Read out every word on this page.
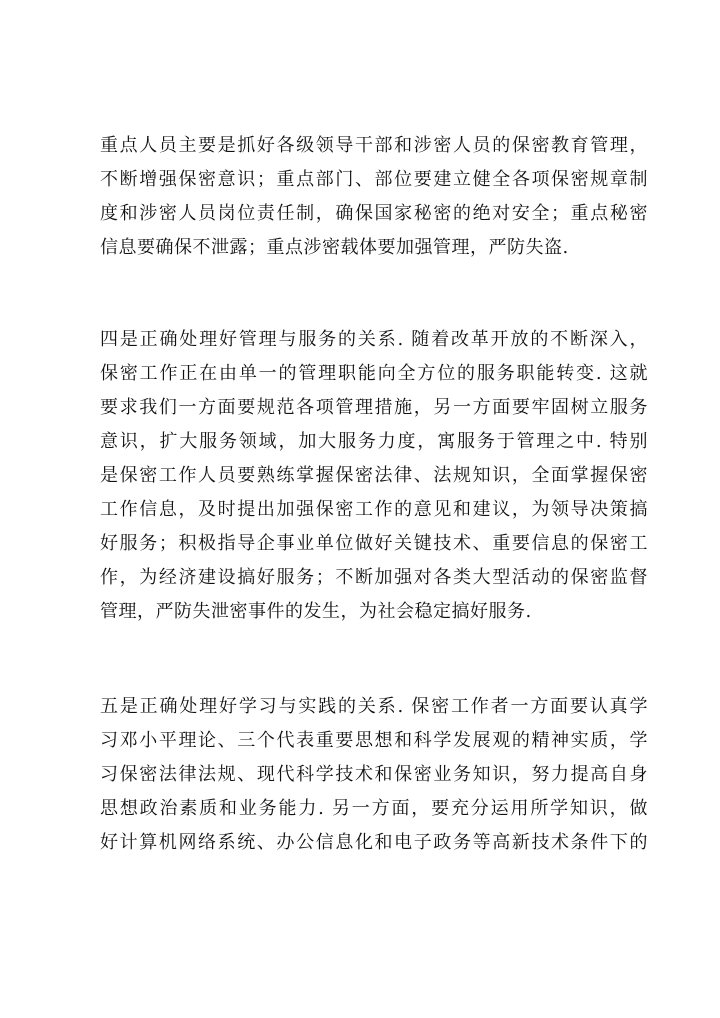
重点人员主要是抓好各级领导干部和涉密人员的保密教育管理，
不断增强保密意识；重点部门、部位要建立健全各项保密规章制
度和涉密人员岗位责任制，确保国家秘密的绝对安全；重点秘密
信息要确保不泄露；重点涉密载体要加强管理，严防失盗.
四是正确处理好管理与服务的关系. 随着改革开放的不断深入，
保密工作正在由单一的管理职能向全方位的服务职能转变. 这就
要求我们一方面要规范各项管理措施，另一方面要牢固树立服务
意识，扩大服务领域，加大服务力度，寓服务于管理之中. 特别
是保密工作人员要熟练掌握保密法律、法规知识，全面掌握保密
工作信息，及时提出加强保密工作的意见和建议，为领导决策搞
好服务；积极指导企事业单位做好关键技术、重要信息的保密工
作，为经济建设搞好服务；不断加强对各类大型活动的保密监督
管理，严防失泄密事件的发生，为社会稳定搞好服务.
五是正确处理好学习与实践的关系. 保密工作者一方面要认真学
习邓小平理论、三个代表重要思想和科学发展观的精神实质，学
习保密法律法规、现代科学技术和保密业务知识，努力提高自身
思想政治素质和业务能力. 另一方面，要充分运用所学知识，做
好计算机网络系统、办公信息化和电子政务等高新技术条件下的
